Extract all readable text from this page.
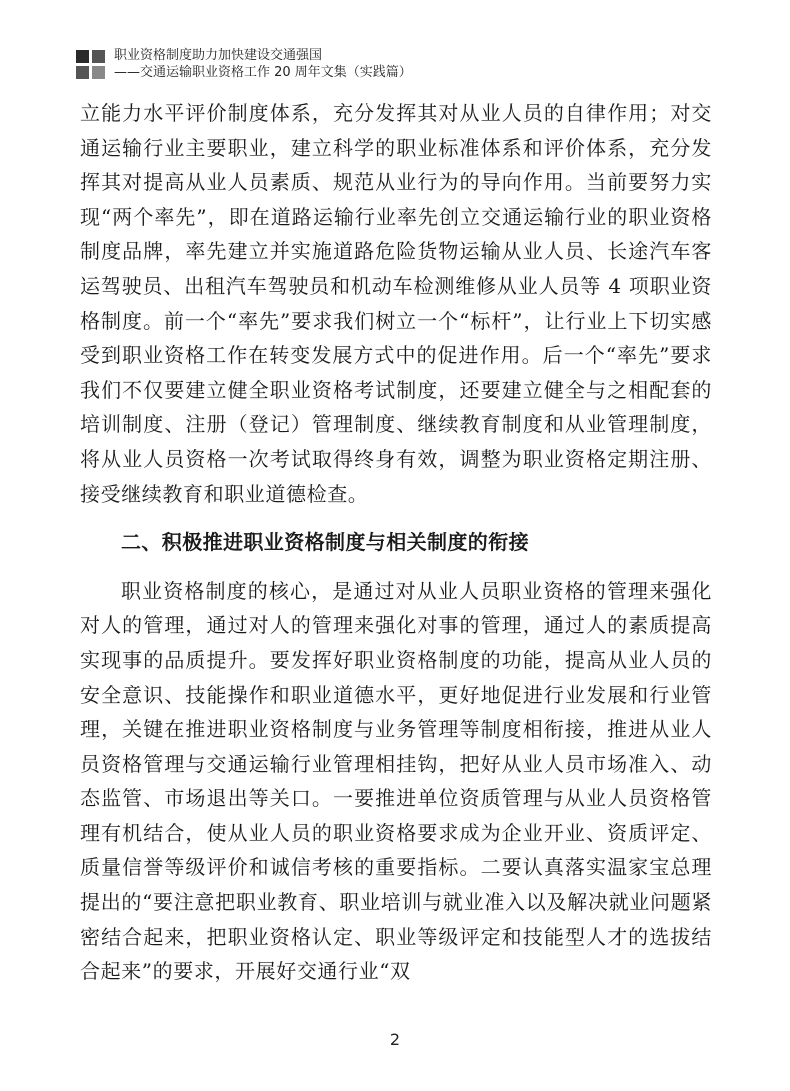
职业资格制度助力加快建设交通强国
——交通运输职业资格工作 20 周年文集（实践篇）

立能力水平评价制度体系，充分发挥其对从业人员的自律作用；对交通运输行业主要职业，建立科学的职业标准体系和评价体系，充分发挥其对提高从业人员素质、规范从业行为的导向作用。当前要努力实现“两个率先”，即在道路运输行业率先创立交通运输行业的职业资格制度品牌，率先建立并实施道路危险货物运输从业人员、长途汽车客运驾驶员、出租汽车驾驶员和机动车检测维修从业人员等 4 项职业资格制度。前一个“率先”要求我们树立一个“标杆”，让行业上下切实感受到职业资格工作在转变发展方式中的促进作用。后一个“率先”要求我们不仅要建立健全职业资格考试制度，还要建立健全与之相配套的培训制度、注册（登记）管理制度、继续教育制度和从业管理制度，将从业人员资格一次考试取得终身有效，调整为职业资格定期注册、接受继续教育和职业道德检查。

二、积极推进职业资格制度与相关制度的衔接

职业资格制度的核心，是通过对从业人员职业资格的管理来强化对人的管理，通过对人的管理来强化对事的管理，通过人的素质提高实现事的品质提升。要发挥好职业资格制度的功能，提高从业人员的安全意识、技能操作和职业道德水平，更好地促进行业发展和行业管理，关键在推进职业资格制度与业务管理等制度相衔接，推进从业人员资格管理与交通运输行业管理相挂钩，把好从业人员市场准入、动态监管、市场退出等关口。一要推进单位资质管理与从业人员资格管理有机结合，使从业人员的职业资格要求成为企业开业、资质评定、质量信誉等级评价和诚信考核的重要指标。二要认真落实温家宝总理提出的“要注意把职业教育、职业培训与就业准入以及解决就业问题紧密结合起来，把职业资格认定、职业等级评定和技能型人才的选拔结合起来”的要求，开展好交通行业“双

2
